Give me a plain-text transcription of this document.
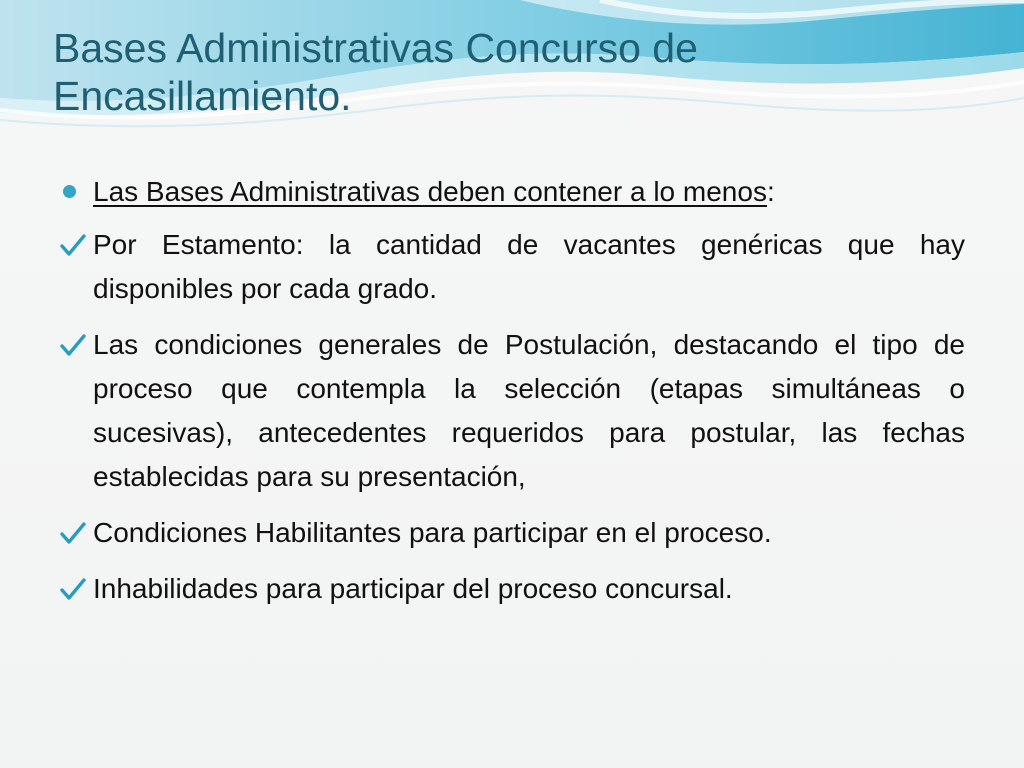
Bases Administrativas Concurso de Encasillamiento.
Las Bases Administrativas deben contener a lo menos:
Por Estamento: la cantidad de vacantes genéricas que hay disponibles por cada grado.
Las condiciones generales de Postulación, destacando el tipo de proceso que contempla la selección (etapas simultáneas o sucesivas), antecedentes requeridos para postular, las fechas establecidas para su presentación,
Condiciones Habilitantes para participar en el proceso.
Inhabilidades para participar del proceso concursal.
